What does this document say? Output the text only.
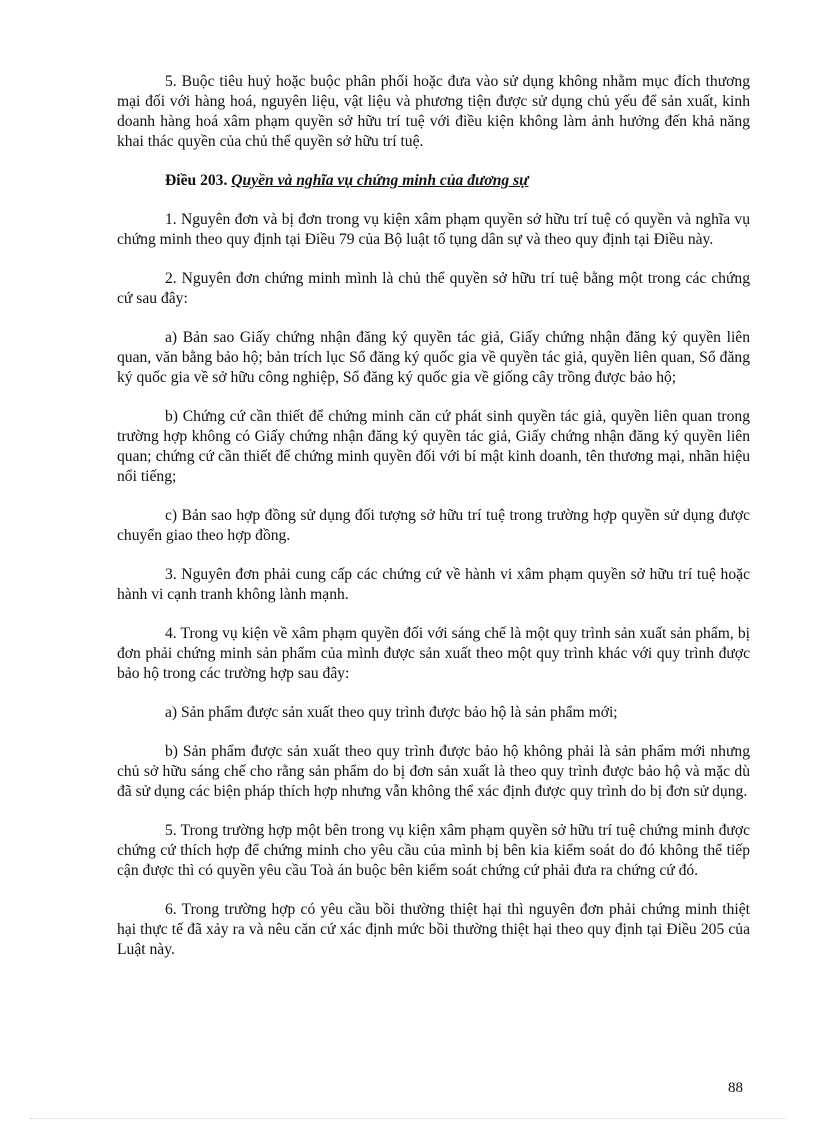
5. Buộc tiêu huỷ hoặc buộc phân phối hoặc đưa vào sử dụng không nhằm mục đích thương mại đối với hàng hoá, nguyên liệu, vật liệu và phương tiện được sử dụng chủ yếu để sản xuất, kinh doanh hàng hoá xâm phạm quyền sở hữu trí tuệ với điều kiện không làm ảnh hưởng đến khả năng khai thác quyền của chủ thể quyền sở hữu trí tuệ.

Điều 203. Quyền và nghĩa vụ chứng minh của đương sự

1. Nguyên đơn và bị đơn trong vụ kiện xâm phạm quyền sở hữu trí tuệ có quyền và nghĩa vụ chứng minh theo quy định tại Điều 79 của Bộ luật tố tụng dân sự và theo quy định tại Điều này.

2. Nguyên đơn chứng minh mình là chủ thể quyền sở hữu trí tuệ bằng một trong các chứng cứ sau đây:

a) Bản sao Giấy chứng nhận đăng ký quyền tác giả, Giấy chứng nhận đăng ký quyền liên quan, văn bằng bảo hộ; bản trích lục Sổ đăng ký quốc gia về quyền tác giả, quyền liên quan, Sổ đăng ký quốc gia về sở hữu công nghiệp, Sổ đăng ký quốc gia về giống cây trồng được bảo hộ;

b) Chứng cứ cần thiết để chứng minh căn cứ phát sinh quyền tác giả, quyền liên quan trong trường hợp không có Giấy chứng nhận đăng ký quyền tác giả, Giấy chứng nhận đăng ký quyền liên quan; chứng cứ cần thiết để chứng minh quyền đối với bí mật kinh doanh, tên thương mại, nhãn hiệu nổi tiếng;

c) Bản sao hợp đồng sử dụng đối tượng sở hữu trí tuệ trong trường hợp quyền sử dụng được chuyển giao theo hợp đồng.

3. Nguyên đơn phải cung cấp các chứng cứ về hành vi xâm phạm quyền sở hữu trí tuệ hoặc hành vi cạnh tranh không lành mạnh.

4. Trong vụ kiện về xâm phạm quyền đối với sáng chế là một quy trình sản xuất sản phẩm, bị đơn phải chứng minh sản phẩm của mình được sản xuất theo một quy trình khác với quy trình được bảo hộ trong các trường hợp sau đây:

a) Sản phẩm được sản xuất theo quy trình được bảo hộ là sản phẩm mới;

b) Sản phẩm được sản xuất theo quy trình được bảo hộ không phải là sản phẩm mới nhưng chủ sở hữu sáng chế cho rằng sản phẩm do bị đơn sản xuất là theo quy trình được bảo hộ và mặc dù đã sử dụng các biện pháp thích hợp nhưng vẫn không thể xác định được quy trình do bị đơn sử dụng.

5. Trong trường hợp một bên trong vụ kiện xâm phạm quyền sở hữu trí tuệ chứng minh được chứng cứ thích hợp để chứng minh cho yêu cầu của mình bị bên kia kiểm soát do đó không thể tiếp cận được thì có quyền yêu cầu Toà án buộc bên kiểm soát chứng cứ phải đưa ra chứng cứ đó.

6. Trong trường hợp có yêu cầu bồi thường thiệt hại thì nguyên đơn phải chứng minh thiệt hại thực tế đã xảy ra và nêu căn cứ xác định mức bồi thường thiệt hại theo quy định tại Điều 205 của Luật này.

88
